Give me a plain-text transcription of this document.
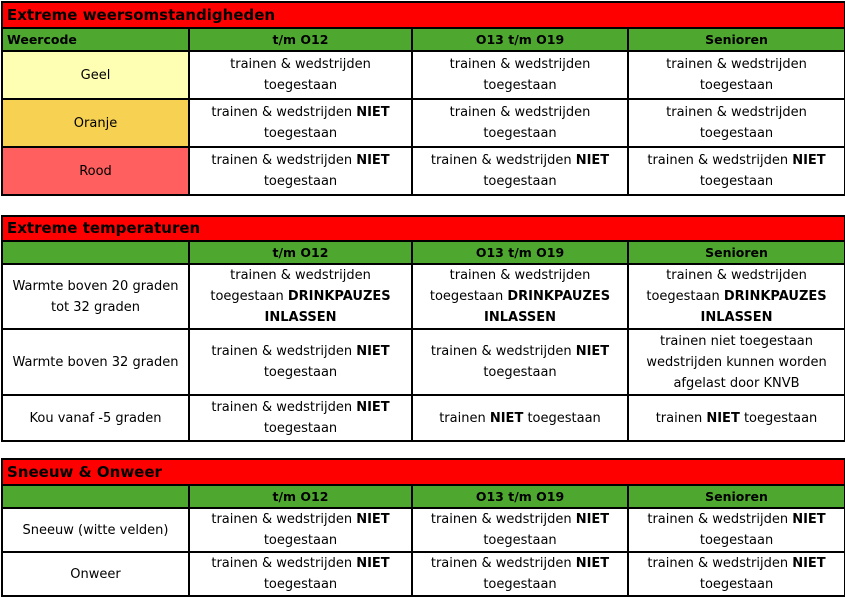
Extreme weersomstandigheden			
Weercode	t/m O12	O13 t/m O19	Senioren
Geel	trainen & wedstrijden toegestaan	trainen & wedstrijden toegestaan	trainen & wedstrijden toegestaan
Oranje	trainen & wedstrijden NIET toegestaan	trainen & wedstrijden toegestaan	trainen & wedstrijden toegestaan
Rood	trainen & wedstrijden NIET toegestaan	trainen & wedstrijden NIET toegestaan	trainen & wedstrijden NIET toegestaan
Extreme temperaturen			
	t/m O12	O13 t/m O19	Senioren
Warmte boven 20 graden tot 32 graden	trainen & wedstrijden toegestaan DRINKPAUZES INLASSEN	trainen & wedstrijden toegestaan DRINKPAUZES INLASSEN	trainen & wedstrijden toegestaan DRINKPAUZES INLASSEN
Warmte boven 32 graden	trainen & wedstrijden NIET toegestaan	trainen & wedstrijden NIET toegestaan	trainen niet toegestaan wedstrijden kunnen worden afgelast door KNVB
Kou vanaf -5 graden	trainen & wedstrijden NIET toegestaan	trainen NIET toegestaan	trainen NIET toegestaan
Sneeuw & Onweer			
	t/m O12	O13 t/m O19	Senioren
Sneeuw (witte velden)	trainen & wedstrijden NIET toegestaan	trainen & wedstrijden NIET toegestaan	trainen & wedstrijden NIET toegestaan
Onweer	trainen & wedstrijden NIET toegestaan	trainen & wedstrijden NIET toegestaan	trainen & wedstrijden NIET toegestaan
